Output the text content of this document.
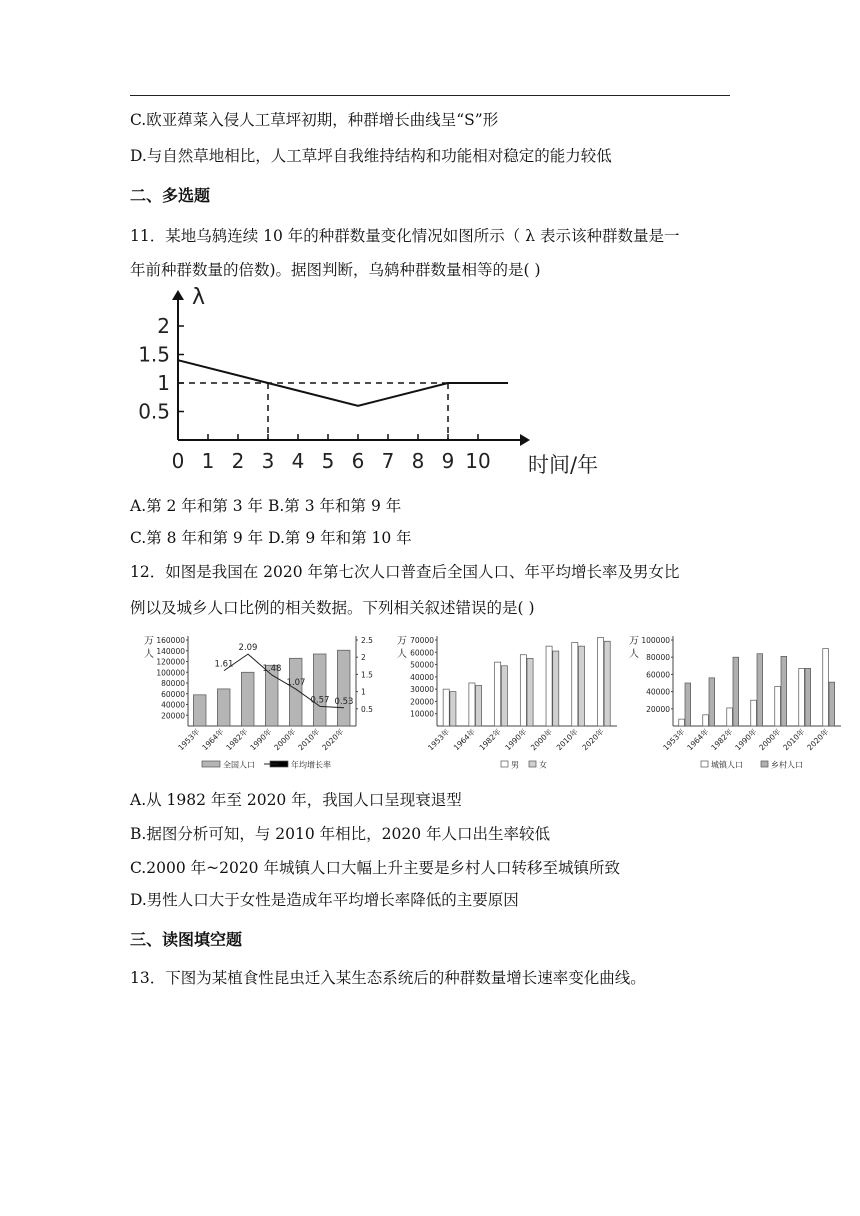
C.欧亚蔊菜入侵人工草坪初期，种群增长曲线呈“S”形
D.与自然草地相比，人工草坪自我维持结构和功能相对稳定的能力较低
二、多选题
11．某地乌鸫连续 10 年的种群数量变化情况如图所示（ λ 表示该种群数量是一
年前种群数量的倍数)。据图判断，乌鸫种群数量相等的是( )
λ
时间/年
0 1 2 3 4 5 6 7 8 9 10
0.5
1
1.5
2
A.第 2 年和第 3 年 B.第 3 年和第 9 年
C.第 8 年和第 9 年 D.第 9 年和第 10 年
12．如图是我国在 2020 年第七次人口普查后全国人口、年平均增长率及男女比
例以及城乡人口比例的相关数据。下列相关叙述错误的是( )
万
人
20000
40000
60000
80000
100000
120000
140000
160000
1953年
1964年
1982年
1990年
2000年
2010年
2020年
全国人口	年均增长率
0.5
1
1.5
2
2.5
1.61
2.09
1.48
1.07
0.57 0.53
万
人
10000
20000
30000
40000
50000
60000
70000
1953年 1964年 1982年 1990年 2000年 2010年 2020年
男	女
万
人
20000
40000
60000
80000
100000
1953年
1964年
1982年
1990年
2000年
2010年
2020年
城镇人口	乡村人口
A.从 1982 年至 2020 年，我国人口呈现衰退型
B.据图分析可知，与 2010 年相比，2020 年人口出生率较低
C.2000 年~2020 年城镇人口大幅上升主要是乡村人口转移至城镇所致
D.男性人口大于女性是造成年平均增长率降低的主要原因
三、读图填空题
13．下图为某植食性昆虫迁入某生态系统后的种群数量增长速率变化曲线。
